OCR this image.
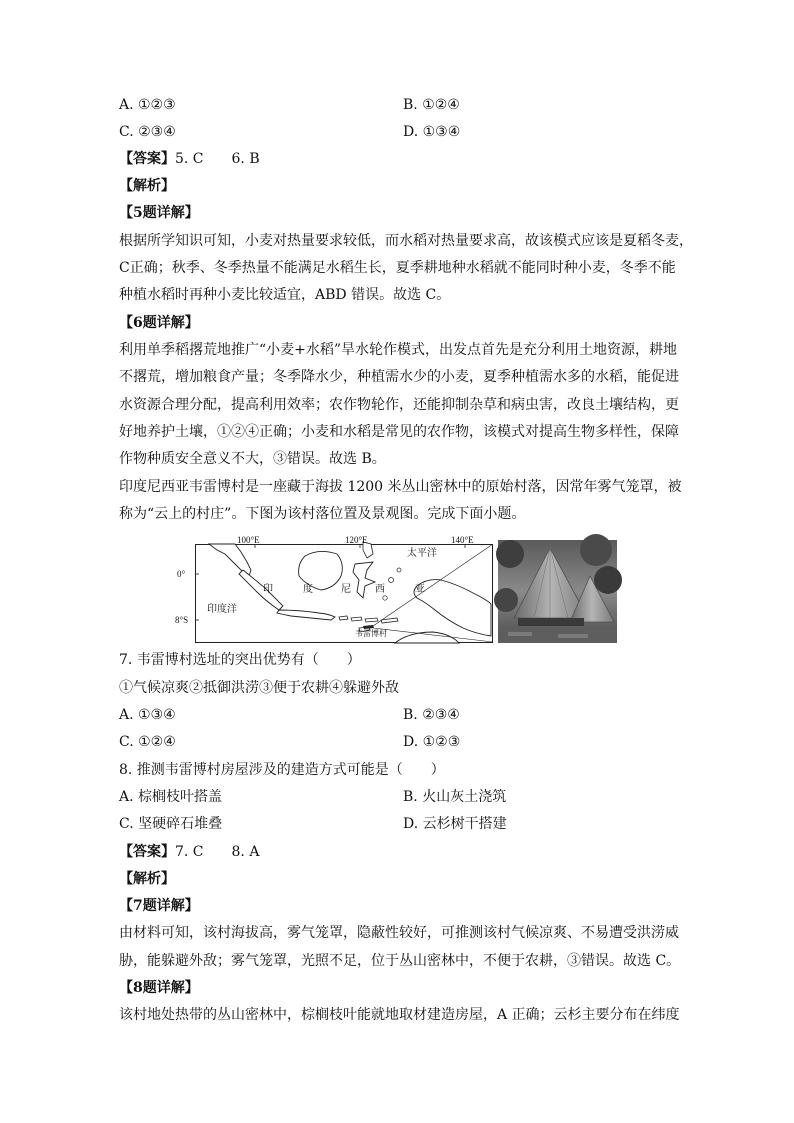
A. ①②③	B. ①②④
C. ②③④	D. ①③④
【答案】5. C　　6. B
【解析】
【5题详解】
根据所学知识可知，小麦对热量要求较低，而水稻对热量要求高，故该模式应该是夏稻冬麦，
C正确；秋季、冬季热量不能满足水稻生长，夏季耕地种水稻就不能同时种小麦，冬季不能
种植水稻时再种小麦比较适宜，ABD 错误。故选 C。
【6题详解】
利用单季稻撂荒地推广“小麦+水稻”旱水轮作模式，出发点首先是充分利用土地资源，耕地
不撂荒，增加粮食产量；冬季降水少，种植需水少的小麦，夏季种植需水多的水稻，能促进
水资源合理分配，提高利用效率；农作物轮作，还能抑制杂草和病虫害，改良土壤结构，更
好地养护土壤，①②④正确；小麦和水稻是常见的农作物，该模式对提高生物多样性，保障
作物种质安全意义不大，③错误。故选 B。
印度尼西亚韦雷博村是一座藏于海拔 1200 米丛山密林中的原始村落，因常年雾气笼罩，被
称为“云上的村庄”。下图为该村落位置及景观图。完成下面小题。
100°E	120°E	140°E
0°
8°S
太平洋
印度洋
印	度	尼 西	亚
韦雷博村
7. 韦雷博村选址的突出优势有（　　）
①气候凉爽②抵御洪涝③便于农耕④躲避外敌
A. ①③④	B. ②③④
C. ①②④	D. ①②③
8. 推测韦雷博村房屋涉及的建造方式可能是（　　）
A. 棕榈枝叶搭盖	B. 火山灰土浇筑
C. 坚硬碎石堆叠	D. 云杉树干搭建
【答案】7. C　　8. A
【解析】
【7题详解】
由材料可知，该村海拔高，雾气笼罩，隐蔽性较好，可推测该村气候凉爽、不易遭受洪涝威
胁，能躲避外敌；雾气笼罩，光照不足，位于丛山密林中，不便于农耕，③错误。故选 C。
【8题详解】
该村地处热带的丛山密林中，棕榈枝叶能就地取材建造房屋，A 正确；云杉主要分布在纬度
